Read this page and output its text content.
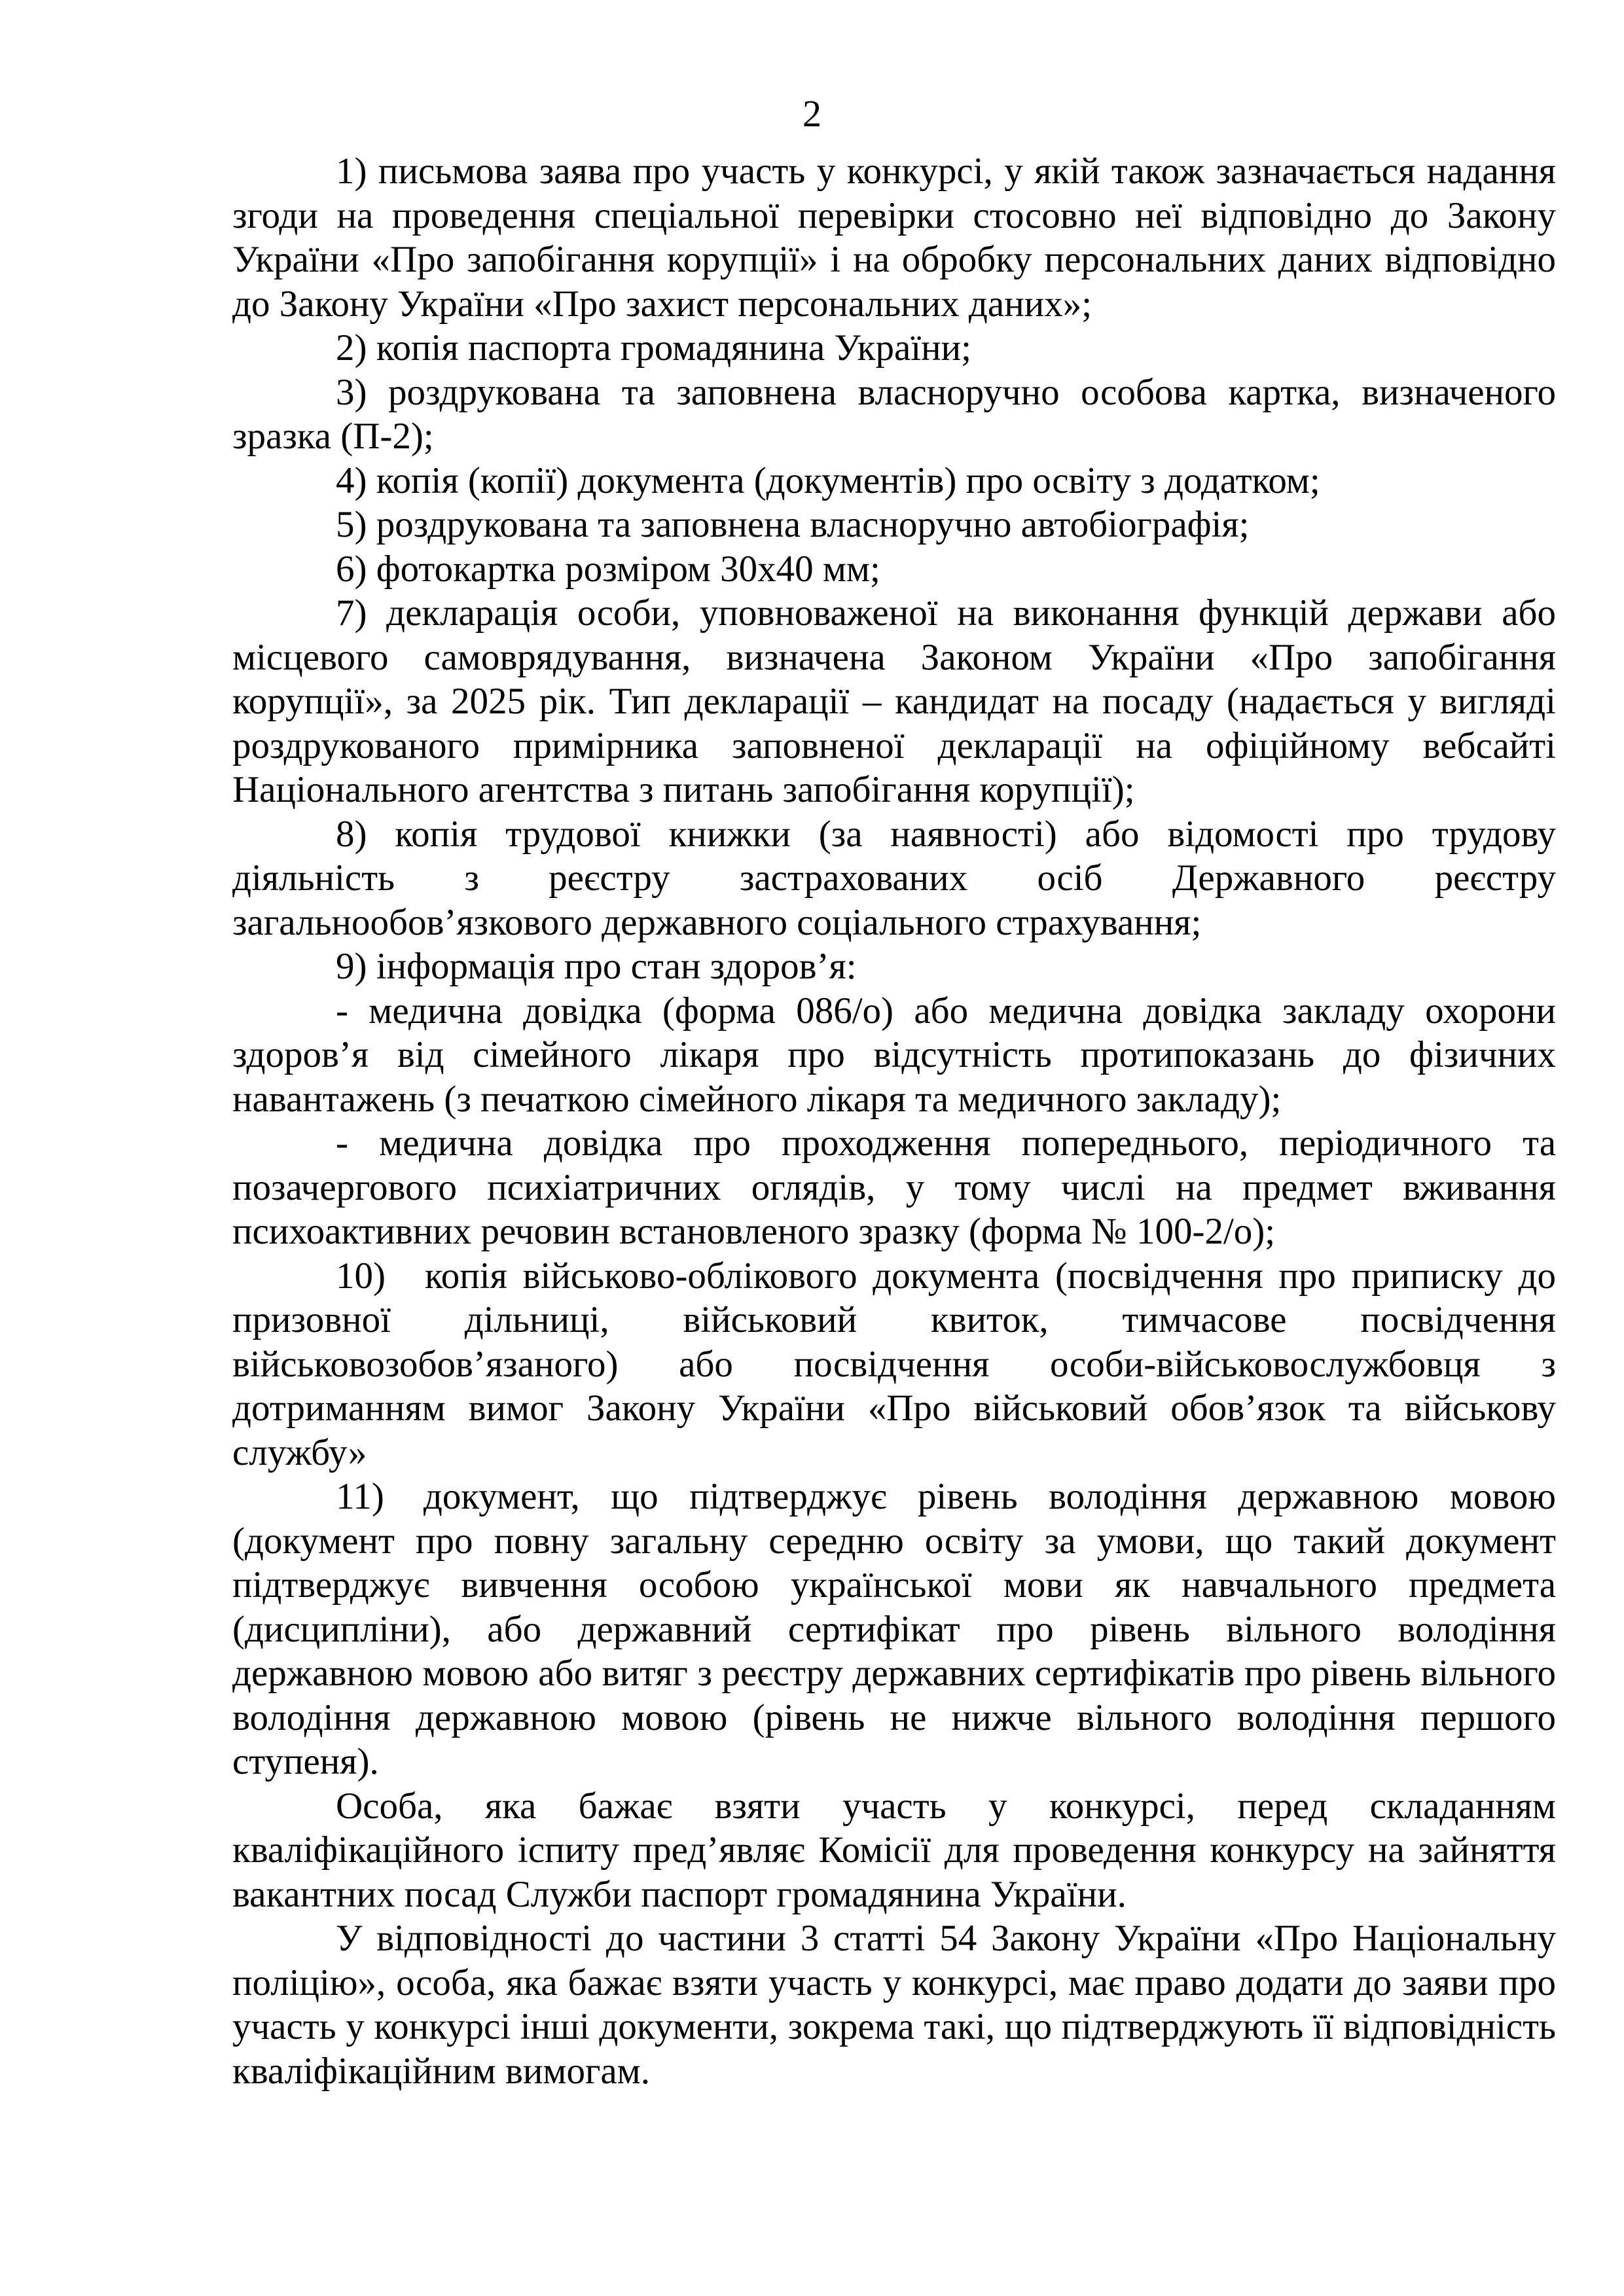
2

1) письмова заява про участь у конкурсі, у якій також зазначається надання згоди на проведення спеціальної перевірки стосовно неї відповідно до Закону України «Про запобігання корупції» і на обробку персональних даних відповідно до Закону України «Про захист персональних даних»;

2) копія паспорта громадянина України;

3) роздрукована та заповнена власноручно особова картка, визначеного зразка (П-2);

4) копія (копії) документа (документів) про освіту з додатком;

5) роздрукована та заповнена власноручно автобіографія;

6) фотокартка розміром 30х40 мм;

7) декларація особи, уповноваженої на виконання функцій держави або місцевого самоврядування, визначена Законом України «Про запобігання корупції», за 2025 рік. Тип декларації – кандидат на посаду (надається у вигляді роздрукованого примірника заповненої декларації на офіційному вебсайті Національного агентства з питань запобігання корупції);

8) копія трудової книжки (за наявності) або відомості про трудову діяльність з реєстру застрахованих осіб Державного реєстру загальнообов’язкового державного соціального страхування;

9) інформація про стан здоров’я:

- медична довідка (форма 086/о) або медична довідка закладу охорони здоров’я від сімейного лікаря про відсутність протипоказань до фізичних навантажень (з печаткою сімейного лікаря та медичного закладу);

- медична довідка про проходження попереднього, періодичного та позачергового психіатричних оглядів, у тому числі на предмет вживання психоактивних речовин встановленого зразку (форма № 100-2/о);

10) копія військово-облікового документа (посвідчення про приписку до призовної дільниці, військовий квиток, тимчасове посвідчення військовозобов’язаного) або посвідчення особи-військовослужбовця з дотриманням вимог Закону України «Про військовий обов’язок та військову службу»

11) документ, що підтверджує рівень володіння державною мовою (документ про повну загальну середню освіту за умови, що такий документ підтверджує вивчення особою української мови як навчального предмета (дисципліни), або державний сертифікат про рівень вільного володіння державною мовою або витяг з реєстру державних сертифікатів про рівень вільного володіння державною мовою (рівень не нижче вільного володіння першого ступеня).

Особа, яка бажає взяти участь у конкурсі, перед складанням кваліфікаційного іспиту пред’являє Комісії для проведення конкурсу на зайняття вакантних посад Служби паспорт громадянина України.

У відповідності до частини 3 статті 54 Закону України «Про Національну поліцію», особа, яка бажає взяти участь у конкурсі, має право додати до заяви про участь у конкурсі інші документи, зокрема такі, що підтверджують її відповідність кваліфікаційним вимогам.
